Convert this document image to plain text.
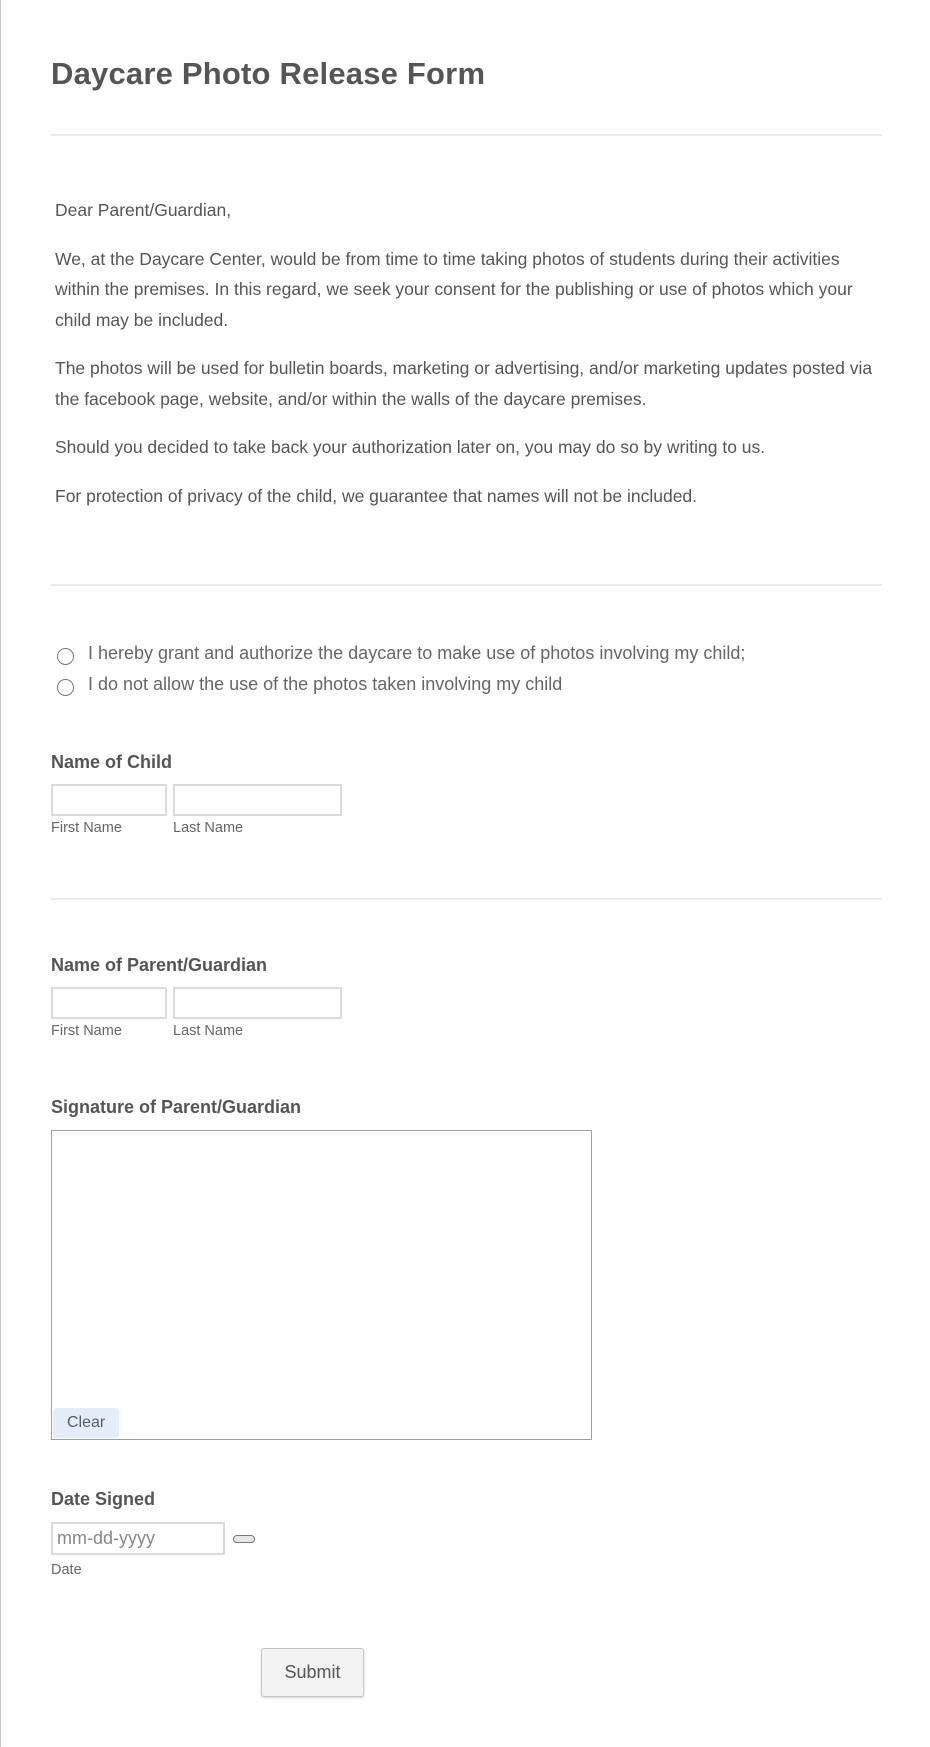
Daycare Photo Release Form

Dear Parent/Guardian,

We, at the Daycare Center, would be from time to time taking photos of students during their activities within the premises. In this regard, we seek your consent for the publishing or use of photos which your child may be included.

The photos will be used for bulletin boards, marketing or advertising, and/or marketing updates posted via the facebook page, website, and/or within the walls of the daycare premises.

Should you decided to take back your authorization later on, you may do so by writing to us.

For protection of privacy of the child, we guarantee that names will not be included.

I hereby grant and authorize the daycare to make use of photos involving my child;
I do not allow the use of the photos taken involving my child
Name of Child
First Name	Last Name
Name of Parent/Guardian
First Name	Last Name
Signature of Parent/Guardian
Clear
Date Signed
mm-dd-yyyy
Date
Submit
